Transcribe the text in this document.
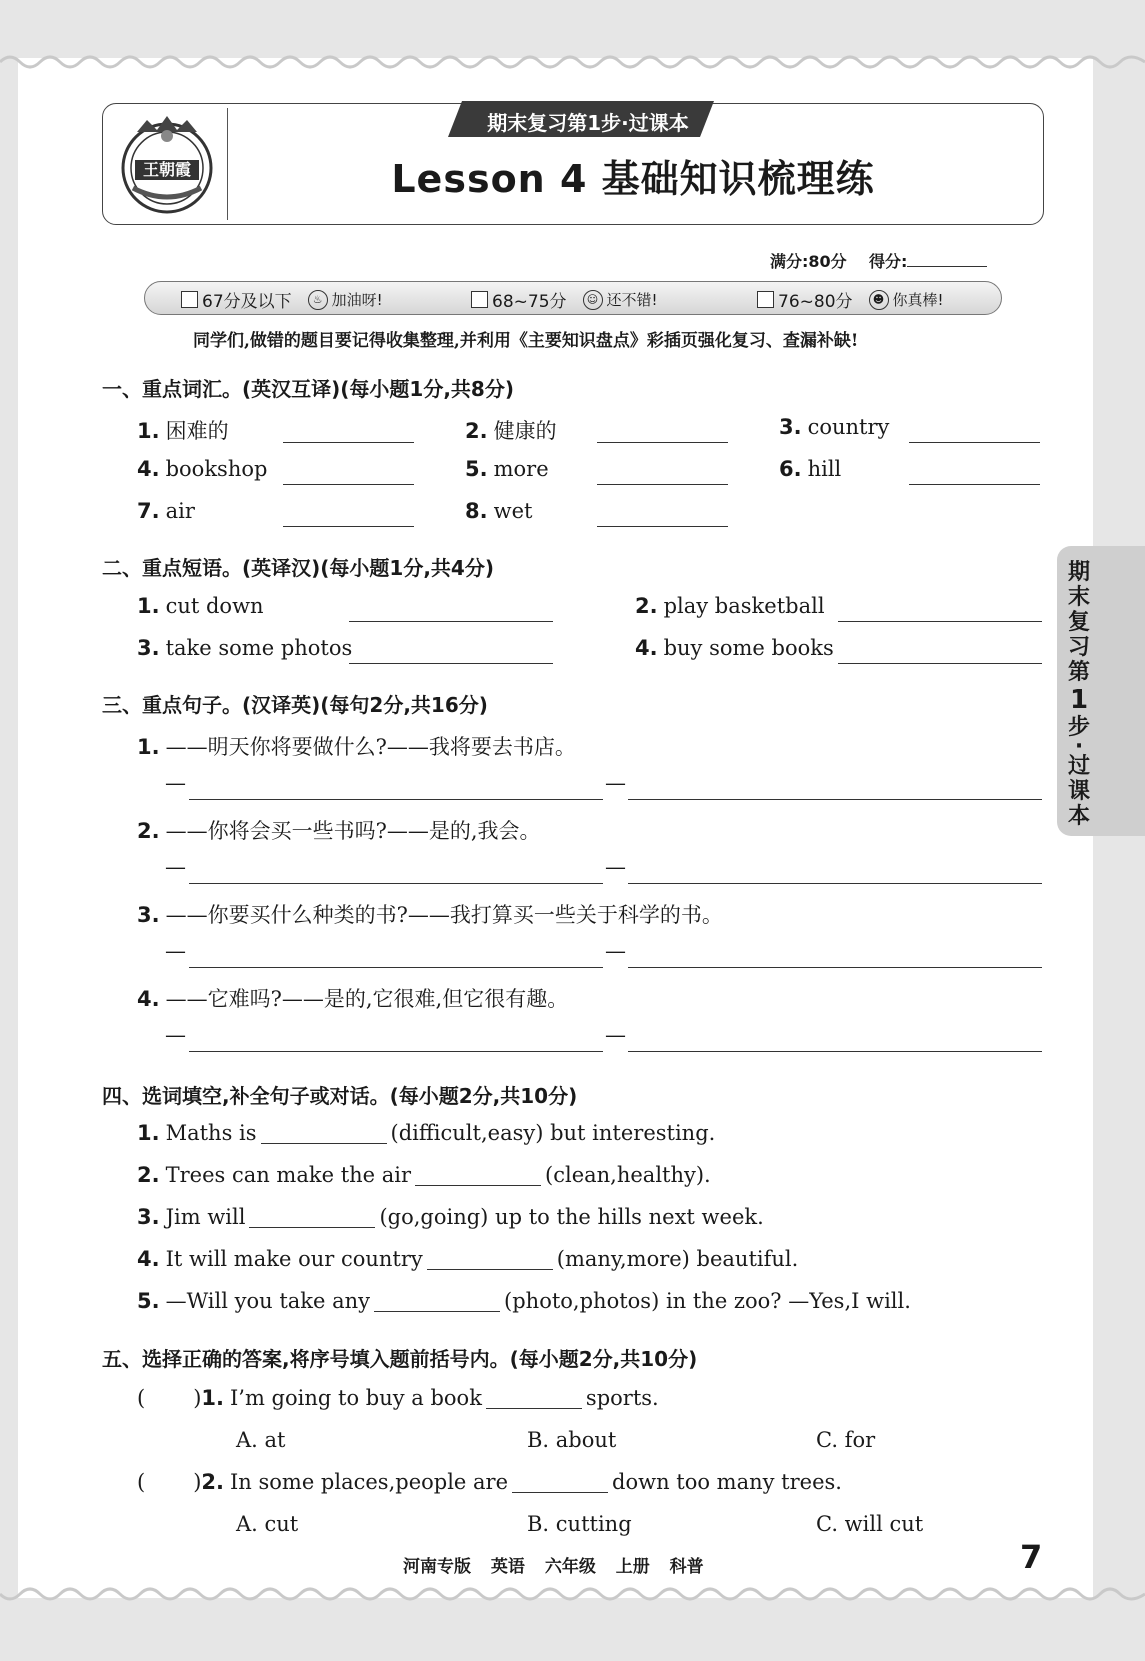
王朝霞
期末复习第1步·过课本
Lesson 4 基础知识梳理练
满分:80分 得分:
67分及以下	♨ 加油呀!	68~75分	☺ 还不错!	76~80分	☻ 你真棒!
同学们,做错的题目要记得收集整理,并利用《主要知识盘点》彩插页强化复习、查漏补缺!
一、重点词汇。(英汉互译)(每小题1分,共8分)
1. 困难的	2. 健康的	3. country
4. bookshop	5. more	6. hill
7. air	8. wet
二、重点短语。(英译汉)(每小题1分,共4分)
1. cut down	2. play basketball
3. take some photos	4. buy some books
三、重点句子。(汉译英)(每句2分,共16分)
1. ——明天你将要做什么?——我将要去书店。
—	—
2. ——你将会买一些书吗?——是的,我会。
—	—
3. ——你要买什么种类的书?——我打算买一些关于科学的书。
—	—
4. ——它难吗?——是的,它很难,但它很有趣。
—	—
四、选词填空,补全句子或对话。(每小题2分,共10分)
1. Maths is	(difficult,easy) but interesting.
2. Trees can make the air	(clean,healthy).
3. Jim will	(go,going) up to the hills next week.
4. It will make our country	(many,more) beautiful.
5. —Will you take any	(photo,photos) in the zoo? —Yes,I will.
五、选择正确的答案,将序号填入题前括号内。(每小题2分,共10分)
( )1. I’m going to buy a book	sports.
A. at	B. about	C. for
( )2. In some places,people are	down too many trees.
A. cut	B. cutting	C. will cut
期
末
复
习
第
1
步
·
过
课
本
河南专版 英语 六年级 上册 科普	7
